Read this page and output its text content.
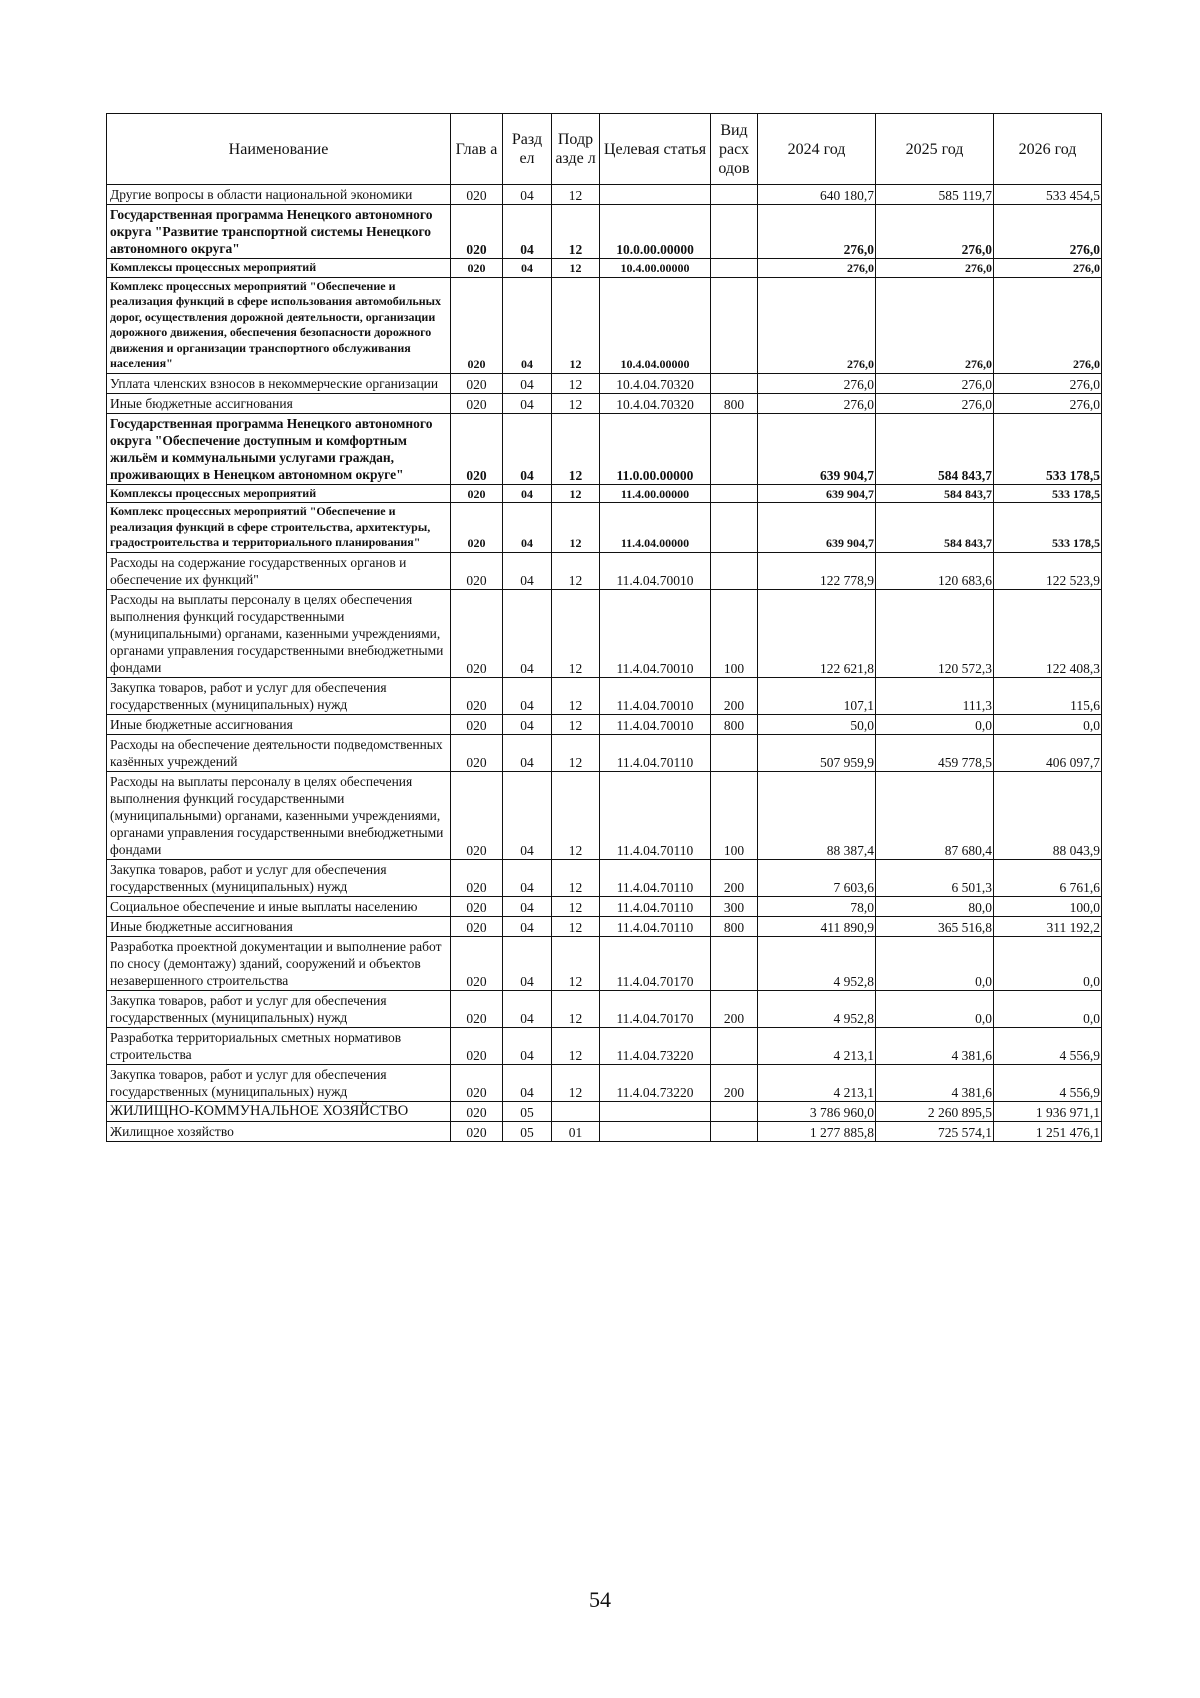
Наименование	Глав а	Разд ел	Подр азде л	Целевая статья	Вид расх одов	2024 год	2025 год	2026 год
Другие вопросы в области национальной экономики	020	04	12			640 180,7	585 119,7	533 454,5
Государственная программа Ненецкого автономного округа "Развитие транспортной системы Ненецкого автономного округа"	020	04	12	10.0.00.00000		276,0	276,0	276,0
Комплексы процессных мероприятий	020	04	12	10.4.00.00000		276,0	276,0	276,0
Комплекс процессных мероприятий "Обеспечение и реализация функций в сфере использования автомобильных дорог, осуществления дорожной деятельности, организации дорожного движения, обеспечения безопасности дорожного движения и организации транспортного обслуживания населения"	020	04	12	10.4.04.00000		276,0	276,0	276,0
Уплата членских взносов в некоммерческие организации	020	04	12	10.4.04.70320		276,0	276,0	276,0
Иные бюджетные ассигнования	020	04	12	10.4.04.70320	800	276,0	276,0	276,0
Государственная программа Ненецкого автономного округа "Обеспечение доступным и комфортным жильём и коммунальными услугами граждан, проживающих в Ненецком автономном округе"	020	04	12	11.0.00.00000		639 904,7	584 843,7	533 178,5
Комплексы процессных мероприятий	020	04	12	11.4.00.00000		639 904,7	584 843,7	533 178,5
Комплекс процессных мероприятий "Обеспечение и реализация функций в сфере строительства, архитектуры, градостроительства и территориального планирования"	020	04	12	11.4.04.00000		639 904,7	584 843,7	533 178,5
Расходы на содержание государственных органов и обеспечение их функций"	020	04	12	11.4.04.70010		122 778,9	120 683,6	122 523,9
Расходы на выплаты персоналу в целях обеспечения выполнения функций государственными (муниципальными) органами, казенными учреждениями, органами управления государственными внебюджетными фондами	020	04	12	11.4.04.70010	100	122 621,8	120 572,3	122 408,3
Закупка товаров, работ и услуг для обеспечения государственных (муниципальных) нужд	020	04	12	11.4.04.70010	200	107,1	111,3	115,6
Иные бюджетные ассигнования	020	04	12	11.4.04.70010	800	50,0	0,0	0,0
Расходы на обеспечение деятельности подведомственных казённых учреждений	020	04	12	11.4.04.70110		507 959,9	459 778,5	406 097,7
Расходы на выплаты персоналу в целях обеспечения выполнения функций государственными (муниципальными) органами, казенными учреждениями, органами управления государственными внебюджетными фондами	020	04	12	11.4.04.70110	100	88 387,4	87 680,4	88 043,9
Закупка товаров, работ и услуг для обеспечения государственных (муниципальных) нужд	020	04	12	11.4.04.70110	200	7 603,6	6 501,3	6 761,6
Социальное обеспечение и иные выплаты населению	020	04	12	11.4.04.70110	300	78,0	80,0	100,0
Иные бюджетные ассигнования	020	04	12	11.4.04.70110	800	411 890,9	365 516,8	311 192,2
Разработка проектной документации и выполнение работ по сносу (демонтажу) зданий, сооружений и объектов незавершенного строительства	020	04	12	11.4.04.70170		4 952,8	0,0	0,0
Закупка товаров, работ и услуг для обеспечения государственных (муниципальных) нужд	020	04	12	11.4.04.70170	200	4 952,8	0,0	0,0
Разработка территориальных сметных нормативов строительства	020	04	12	11.4.04.73220		4 213,1	4 381,6	4 556,9
Закупка товаров, работ и услуг для обеспечения государственных (муниципальных) нужд	020	04	12	11.4.04.73220	200	4 213,1	4 381,6	4 556,9
ЖИЛИЩНО-КОММУНАЛЬНОЕ ХОЗЯЙСТВО	020	05				3 786 960,0	2 260 895,5	1 936 971,1
Жилищное хозяйство	020	05	01			1 277 885,8	725 574,1	1 251 476,1
54
